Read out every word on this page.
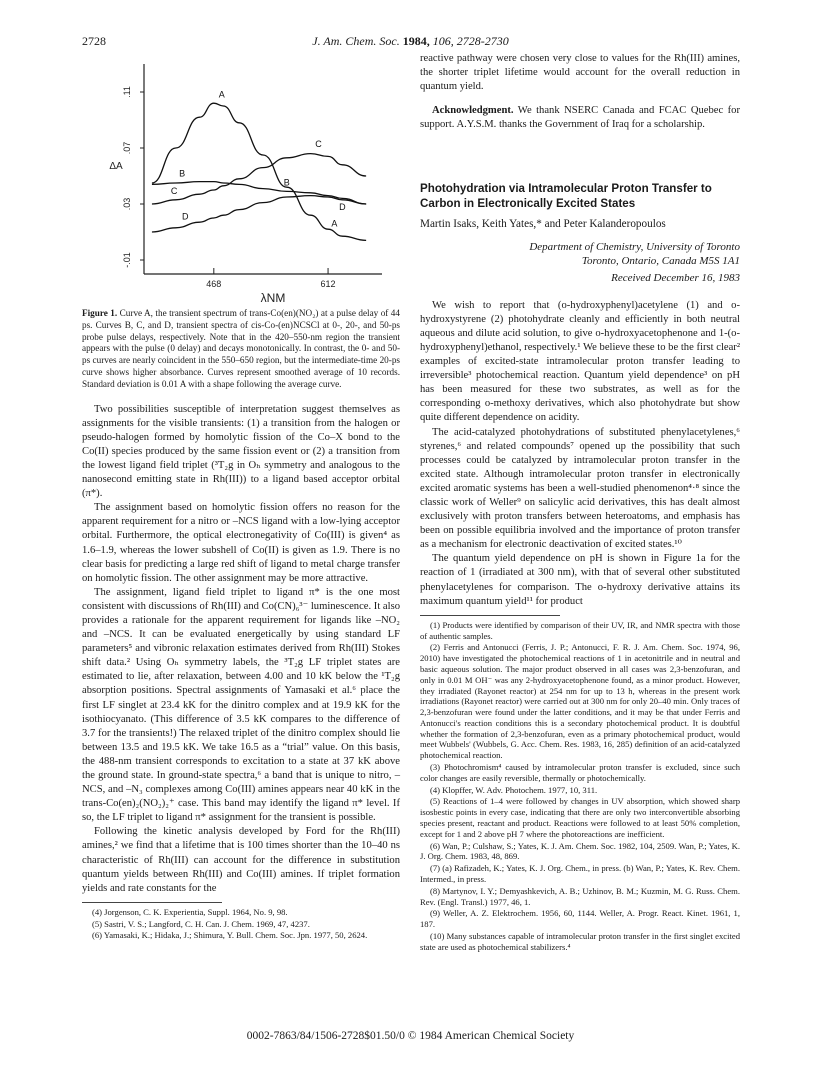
2728	J. Am. Chem. Soc. 1984, 106, 2728-2730
.11
.07
.03
-.01
468	612
ΔA
λNM
A
A
B
B
C
C
D
D
Figure 1. Curve A, the transient spectrum of trans-Co(en)(NO₂) at a pulse delay of 44 ps. Curves B, C, and D, transient spectra of cis-Co-(en)NCSCl at 0-, 20-, and 50-ps probe pulse delays, respectively. Note that in the 420–550-nm region the transient appears with the pulse (0 delay) and decays monotonically. In contrast, the 0- and 50-ps curves are nearly coincident in the 550–650 region, but the intermediate-time 20-ps curve shows higher absorbance. Curves represent smoothed average of 10 records. Standard deviation is 0.01 A with a shape following the average curve.

Two possibilities susceptible of interpretation suggest themselves as assignments for the visible transients: (1) a transition from the halogen or pseudo-halogen formed by homolytic fission of the Co–X bond to the Co(II) species produced by the same fission event or (2) a transition from the lowest ligand field triplet (³T₂g in Oₕ symmetry and analogous to the nanosecond emitting state in Rh(III)) to a ligand based acceptor orbital (π*).

The assignment based on homolytic fission offers no reason for the apparent requirement for a nitro or –NCS ligand with a low-lying acceptor orbital. Furthermore, the optical electronegativity of Co(III) is given⁴ as 1.6–1.9, whereas the lower subshell of Co(II) is given as 1.9. There is no clear basis for predicting a large red shift of ligand to metal charge transfer on homolytic fission. The other assignment may be more attractive.

The assignment, ligand field triplet to ligand π* is the one most consistent with discussions of Rh(III) and Co(CN)₆³⁻ luminescence. It also provides a rationale for the apparent requirement for ligands like –NO₂ and –NCS. It can be evaluated energetically by using standard LF parameters⁵ and vibronic relaxation estimates derived from Rh(III) Stokes shift data.² Using Oₕ symmetry labels, the ³T₂g LF triplet states are estimated to lie, after relaxation, between 4.00 and 10 kK below the ¹T₂g absorption positions. Spectral assignments of Yamasaki et al.⁶ place the first LF singlet at 23.4 kK for the dinitro complex and at 19.9 kK for the isothiocyanato. (This difference of 3.5 kK compares to the difference of 3.7 for the transients!) The relaxed triplet of the dinitro complex should lie between 13.5 and 19.5 kK. We take 16.5 as a “trial” value. On this basis, the 488-nm transient corresponds to excitation to a state at 37 kK above the ground state. In ground-state spectra,⁶ a band that is unique to nitro, –NCS, and –N₃ complexes among Co(III) amines appears near 40 kK in the trans-Co(en)₂(NO₂)₂⁺ case. This band may identify the ligand π* level. If so, the LF triplet to ligand π* assignment for the transient is possible.

Following the kinetic analysis developed by Ford for the Rh(III) amines,² we find that a lifetime that is 100 times shorter than the 10–40 ns characteristic of Rh(III) can account for the difference in substitution quantum yields between Rh(III) and Co(III) amines. If triplet formation yields and rate constants for the

(4) Jorgenson, C. K. Experientia, Suppl. 1964, No. 9, 98.

(5) Sastri, V. S.; Langford, C. H. Can. J. Chem. 1969, 47, 4237.

(6) Yamasaki, K.; Hidaka, J.; Shimura, Y. Bull. Chem. Soc. Jpn. 1977, 50, 2624.

reactive pathway were chosen very close to values for the Rh(III) amines, the shorter triplet lifetime would account for the overall reduction in quantum yield.

Acknowledgment. We thank NSERC Canada and FCAC Quebec for support. A.Y.S.M. thanks the Government of Iraq for a scholarship.

Photohydration via Intramolecular Proton Transfer to Carbon in Electronically Excited States
Martin Isaks, Keith Yates,* and Peter Kalanderopoulos
Department of Chemistry, University of Toronto
Toronto, Ontario, Canada M5S 1A1
Received December 16, 1983

We wish to report that (o-hydroxyphenyl)acetylene (1) and o-hydroxystyrene (2) photohydrate cleanly and efficiently in both neutral aqueous and dilute acid solution, to give o-hydroxyacetophenone and 1-(o-hydroxyphenyl)ethanol, respectively.¹ We believe these to be the first clear² examples of excited-state intramolecular proton transfer leading to irreversible³ photochemical reaction. Quantum yield dependence³ on pH has been measured for these two substrates, as well as for the corresponding o-methoxy derivatives, which also photohydrate but show quite different dependence on acidity.

The acid-catalyzed photohydrations of substituted phenylacetylenes,⁶ styrenes,⁶ and related compounds⁷ opened up the possibility that such processes could be catalyzed by intramolecular proton transfer in the excited state. Although intramolecular proton transfer in electronically excited aromatic systems has been a well-studied phenomenon⁴·⁸ since the classic work of Weller⁹ on salicylic acid derivatives, this has dealt almost exclusively with proton transfers between heteroatoms, and emphasis has been on possible equilibria involved and the importance of proton transfer as a mechanism for electronic deactivation of excited states.¹⁰

The quantum yield dependence on pH is shown in Figure 1a for the reaction of 1 (irradiated at 300 nm), with that of several other substituted phenylacetylenes for comparison. The o-hydroxy derivative attains its maximum quantum yield¹¹ for product

(1) Products were identified by comparison of their UV, IR, and NMR spectra with those of authentic samples.

(2) Ferris and Antonucci (Ferris, J. P.; Antonucci, F. R. J. Am. Chem. Soc. 1974, 96, 2010) have investigated the photochemical reactions of 1 in acetonitrile and in neutral and basic aqueous solution. The major product observed in all cases was 2,3-benzofuran, and only in 0.01 M OH⁻ was any 2-hydroxyacetophenone found, as a minor product. However, they irradiated (Rayonet reactor) at 254 nm for up to 13 h, whereas in the present work irradiations (Rayonet reactor) were carried out at 300 nm for only 20–40 min. Only traces of 2,3-benzofuran were found under the latter conditions, and it may be that under Ferris and Antonucci's reaction conditions this is a secondary photochemical product. It is doubtful whether the formation of 2,3-benzofuran, even as a primary photochemical product, would meet Wubbels' (Wubbels, G. Acc. Chem. Res. 1983, 16, 285) definition of an acid-catalyzed photochemical reaction.

(3) Photochromism⁴ caused by intramolecular proton transfer is excluded, since such color changes are easily reversible, thermally or photochemically.

(4) Klopffer, W. Adv. Photochem. 1977, 10, 311.

(5) Reactions of 1–4 were followed by changes in UV absorption, which showed sharp isosbestic points in every case, indicating that there are only two interconvertible absorbing species present, reactant and product. Reactions were followed to at least 50% completion, except for 1 and 2 above pH 7 where the photoreactions are inefficient.

(6) Wan, P.; Culshaw, S.; Yates, K. J. Am. Chem. Soc. 1982, 104, 2509. Wan, P.; Yates, K. J. Org. Chem. 1983, 48, 869.

(7) (a) Rafizadeh, K.; Yates, K. J. Org. Chem., in press. (b) Wan, P.; Yates, K. Rev. Chem. Intermed., in press.

(8) Martynov, I. Y.; Demyashkevich, A. B.; Uzhinov, B. M.; Kuzmin, M. G. Russ. Chem. Rev. (Engl. Transl.) 1977, 46, 1.

(9) Weller, A. Z. Elektrochem. 1956, 60, 1144. Weller, A. Progr. React. Kinet. 1961, 1, 187.

(10) Many substances capable of intramolecular proton transfer in the first singlet excited state are used as photochemical stabilizers.⁴

0002-7863/84/1506-2728$01.50/0 © 1984 American Chemical Society
